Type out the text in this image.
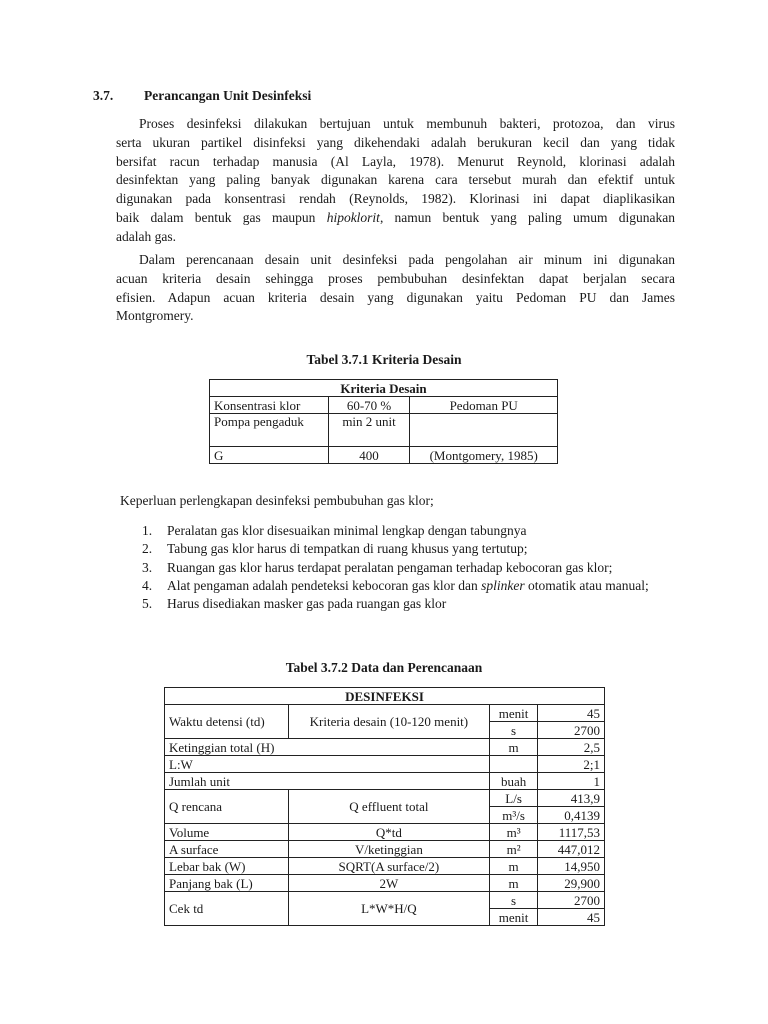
3.7. Perancangan Unit Desinfeksi
Proses desinfeksi dilakukan bertujuan untuk membunuh bakteri, protozoa, dan virus
serta ukuran partikel disinfeksi yang dikehendaki adalah berukuran kecil dan yang tidak
bersifat racun terhadap manusia (Al Layla, 1978). Menurut Reynold, klorinasi adalah
desinfektan yang paling banyak digunakan karena cara tersebut murah dan efektif untuk
digunakan pada konsentrasi rendah (Reynolds, 1982). Klorinasi ini dapat diaplikasikan
baik dalam bentuk gas maupun hipoklorit, namun bentuk yang paling umum digunakan
adalah gas.
Dalam perencanaan desain unit desinfeksi pada pengolahan air minum ini digunakan
acuan kriteria desain sehingga proses pembubuhan desinfektan dapat berjalan secara
efisien. Adapun acuan kriteria desain yang digunakan yaitu Pedoman PU dan James
Montgromery.
Tabel 3.7.1 Kriteria Desain
Kriteria Desain		
Konsentrasi klor	60-70 %	Pedoman PU
Pompa pengaduk	min 2 unit	
G	400	(Montgomery, 1985)
Keperluan perlengkapan desinfeksi pembubuhan gas klor;
1. Peralatan gas klor disesuaikan minimal lengkap dengan tabungnya
2. Tabung gas klor harus di tempatkan di ruang khusus yang tertutup;
3. Ruangan gas klor harus terdapat peralatan pengaman terhadap kebocoran gas klor;
4. Alat pengaman adalah pendeteksi kebocoran gas klor dan splinker otomatik atau manual;
5. Harus disediakan masker gas pada ruangan gas klor
Tabel 3.7.2 Data dan Perencanaan
DESINFEKSI			
Waktu detensi (td)	Kriteria desain (10-120 menit)	menit	45
		s	2700
Ketinggian total (H)		m	2,5
L:W			2;1
Jumlah unit		buah	1
Q rencana	Q effluent total	L/s	413,9
		m³/s	0,4139
Volume	Q*td	m³	1117,53
A surface	V/ketinggian	m²	447,012
Lebar bak (W)	SQRT(A surface/2)	m	14,950
Panjang bak (L)	2W	m	29,900
Cek td	L*W*H/Q	s	2700
		menit	45
